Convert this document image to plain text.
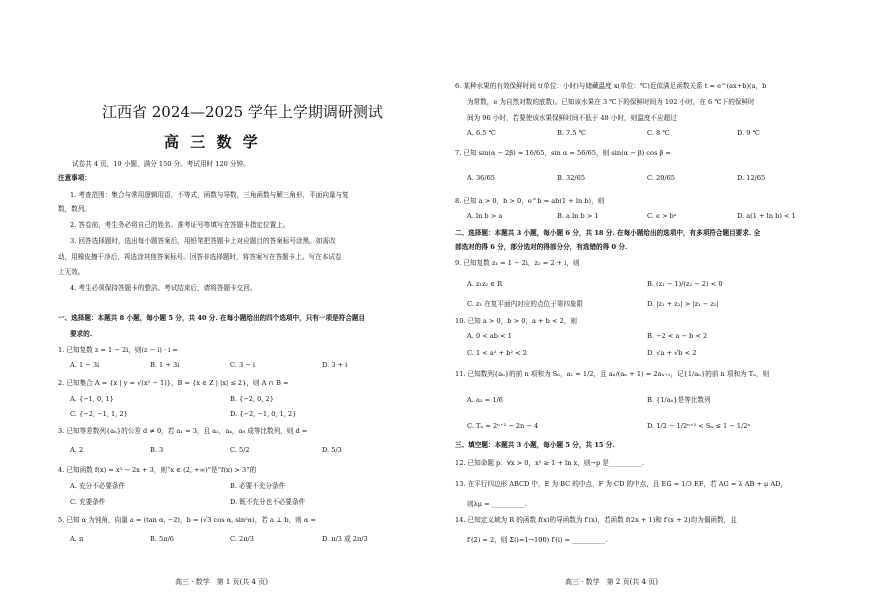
江西省 2024—2025 学年上学期调研测试
高 三 数 学
试卷共 4 页，19 小题，满分 150 分。考试用时 120 分钟。
注意事项：
1. 考查范围：集合与常用逻辑用语，不等式，函数与导数，三角函数与解三角形，平面向量与复
数，数列。
2. 答卷前，考生务必将自己的姓名、准考证号等填写在答题卡指定位置上。
3. 回答选择题时，选出每小题答案后，用铅笔把答题卡上对应题目的答案标号涂黑。如需改
动，用橡皮擦干净后，再选涂其他答案标号。回答非选择题时，将答案写在答题卡上。写在本试卷
上无效。
4. 考生必须保持答题卡的整洁。考试结束后，请将答题卡交回。
一、选择题：本题共 8 小题，每小题 5 分，共 40 分. 在每小题给出的四个选项中，只有一项是符合题目
要求的.
1. 已知复数 z = 1 − 2i，则(z − i) · i =
A. 1 − 3i	B. 1 + 3i	C. 3 − i	D. 3 + i
2. 已知集合 A = {x | y = √(x² − 1)}，B = {x ∈ Z | |x| ≤ 2}，则 A ∩ B =
A. {−1, 0, 1}	B. {−2, 0, 2}
C. {−2, −1, 1, 2}	D. {−2, −1, 0, 1, 2}
3. 已知等差数列{aₙ}的公差 d ≠ 0，若 a₁ = 3，且 a₂，a₄，a₈ 成等比数列，则 d =
A. 2	B. 3	C. 5/2	D. 5/3
4. 已知函数 f(x) = x³ − 2x + 3，则“x ∈ (2, +∞)”是“f(x) > 3”的
A. 充分不必要条件	B. 必要不充分条件
C. 充要条件	D. 既不充分也不必要条件
5. 已知 α 为钝角，向量 a = (tan α, −2)，b = (√3 cos α, sin²α)，若 a ⊥ b，则 α =
A. π	B. 5π/6	C. 2π/3	D. π/3 或 2π/3
高三 · 数学　第 1 页(共 4 页)
6. 某种水果的有效保鲜时间 t(单位：小时)与储藏温度 x(单位：℃)近似满足函数关系 t = e^(ax+b)(a，b
为常数，e 为自然对数的底数)。已知该水果在 3 ℃下的保鲜时间为 192 小时，在 6 ℃下的保鲜时
间为 96 小时，若要使该水果保鲜时间不低于 48 小时，则温度不应超过
A. 6.5 ℃	B. 7.5 ℃	C. 8 ℃	D. 9 ℃
7. 已知 sin(α − 2β) = 16/65，sin α = 56/65，则 sin(α − β) cos β =
A. 36/65	B. 32/65	C. 20/65	D. 12/65
8. 已知 a > 0，b > 0，e^b = ab(1 + ln b)，则
A. ln b > a	B. a ln b > 1	C. e > bᵃ	D. a(1 + ln b) < 1
二、选择题：本题共 3 小题，每小题 6 分，共 18 分. 在每小题给出的选项中，有多项符合题目要求. 全
部选对的得 6 分，部分选对的得部分分，有选错的得 0 分.
9. 已知复数 z₁ = 1 − 2i，z₂ = 2 + i，则
A. z₁z₂ ∈ R	B. (z₁ − 1)/(z₂ − 2) < 0
C. z₁ 在复平面内对应的点位于第四象限	D. |z₁ + z₂| > |z₁ − z₂|
10. 已知 a > 0，b > 0，a + b < 2，则
A. 0 < ab < 1	B. −2 < a − b < 2
C. 1 < a² + b² < 2	D. √a + √b < 2
11. 已知数列{aₙ}的前 n 项和为 Sₙ，a₁ = 1/2，且 aₙ/(aₙ + 1) = 2aₙ₊₁，记{1/aₙ}的前 n 项和为 Tₙ，则
A. a₃ = 1/6	B. {1/aₙ}是等比数列
C. Tₙ = 2ⁿ⁺² − 2n − 4	D. 1/2 − 1/2ⁿ⁺² < Sₙ ≤ 1 − 1/2ⁿ
三、填空题：本题共 3 小题，每小题 5 分，共 15 分.
12. 已知命题 p：∀x > 0，x² ≥ 1 + ln x，则¬p 是__________.
13. 在平行四边形 ABCD 中，E 为 BC 的中点，F 为 CD 的中点，且 EG = 1/3 EF，若 AG = λ AB + μ AD，
则λμ = __________.
14. 已知定义域为 R 的函数 f(x)的导函数为 f′(x)，若函数 f(2x + 1)和 f′(x + 2)均为偶函数，且
f′(2) = 2，则 Σ(i=1→100) f′(i) = __________.
高三 · 数学　第 2 页(共 4 页)
